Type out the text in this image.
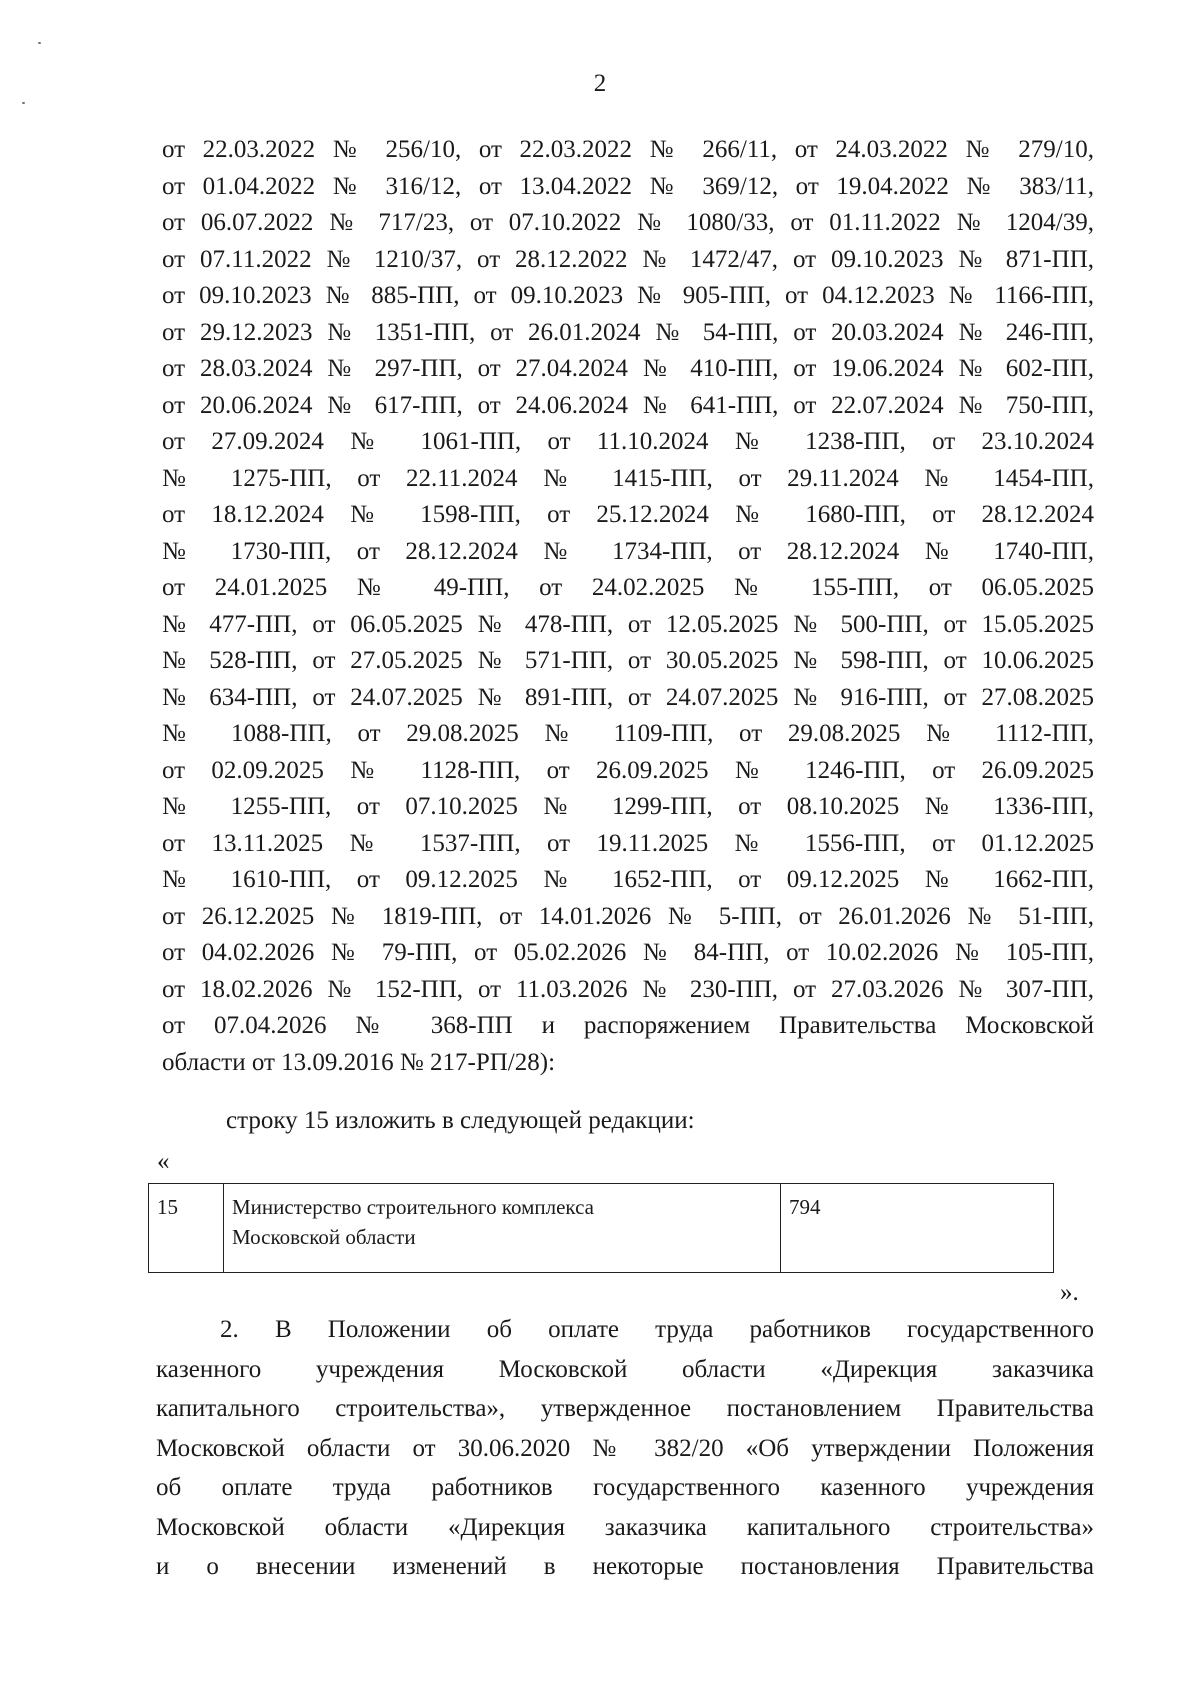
2
от 22.03.2022 № 256/10, от 22.03.2022 № 266/11, от 24.03.2022 № 279/10,
от 01.04.2022 № 316/12, от 13.04.2022 № 369/12, от 19.04.2022 № 383/11,
от 06.07.2022 № 717/23, от 07.10.2022 № 1080/33, от 01.11.2022 № 1204/39,
от 07.11.2022 № 1210/37, от 28.12.2022 № 1472/47, от 09.10.2023 № 871-ПП,
от 09.10.2023 № 885-ПП, от 09.10.2023 № 905-ПП, от 04.12.2023 № 1166-ПП,
от 29.12.2023 № 1351-ПП, от 26.01.2024 № 54-ПП, от 20.03.2024 № 246-ПП,
от 28.03.2024 № 297-ПП, от 27.04.2024 № 410-ПП, от 19.06.2024 № 602-ПП,
от 20.06.2024 № 617-ПП, от 24.06.2024 № 641-ПП, от 22.07.2024 № 750-ПП,
от 27.09.2024 № 1061-ПП, от 11.10.2024 № 1238-ПП, от 23.10.2024
№ 1275-ПП, от 22.11.2024 № 1415-ПП, от 29.11.2024 № 1454-ПП,
от 18.12.2024 № 1598-ПП, от 25.12.2024 № 1680-ПП, от 28.12.2024
№ 1730-ПП, от 28.12.2024 № 1734-ПП, от 28.12.2024 № 1740-ПП,
от 24.01.2025 № 49-ПП, от 24.02.2025 № 155-ПП, от 06.05.2025
№ 477-ПП, от 06.05.2025 № 478-ПП, от 12.05.2025 № 500-ПП, от 15.05.2025
№ 528-ПП, от 27.05.2025 № 571-ПП, от 30.05.2025 № 598-ПП, от 10.06.2025
№ 634-ПП, от 24.07.2025 № 891-ПП, от 24.07.2025 № 916-ПП, от 27.08.2025
№ 1088-ПП, от 29.08.2025 № 1109-ПП, от 29.08.2025 № 1112-ПП,
от 02.09.2025 № 1128-ПП, от 26.09.2025 № 1246-ПП, от 26.09.2025
№ 1255-ПП, от 07.10.2025 № 1299-ПП, от 08.10.2025 № 1336-ПП,
от 13.11.2025 № 1537-ПП, от 19.11.2025 № 1556-ПП, от 01.12.2025
№ 1610-ПП, от 09.12.2025 № 1652-ПП, от 09.12.2025 № 1662-ПП,
от 26.12.2025 № 1819-ПП, от 14.01.2026 № 5-ПП, от 26.01.2026 № 51-ПП,
от 04.02.2026 № 79-ПП, от 05.02.2026 № 84-ПП, от 10.02.2026 № 105-ПП,
от 18.02.2026 № 152-ПП, от 11.03.2026 № 230-ПП, от 27.03.2026 № 307-ПП,
от 07.04.2026 № 368-ПП и распоряжением Правительства Московской
области от 13.09.2016 № 217-РП/28):
строку 15 изложить в следующей редакции:
«
15	Министерство строительного комплекса
Московской области
	794
».
2. В Положении об оплате труда работников государственного
казенного учреждения Московской области «Дирекция заказчика
капитального строительства», утвержденное постановлением Правительства
Московской области от 30.06.2020 № 382/20 «Об утверждении Положения
об оплате труда работников государственного казенного учреждения
Московской области «Дирекция заказчика капитального строительства»
и о внесении изменений в некоторые постановления Правительства
